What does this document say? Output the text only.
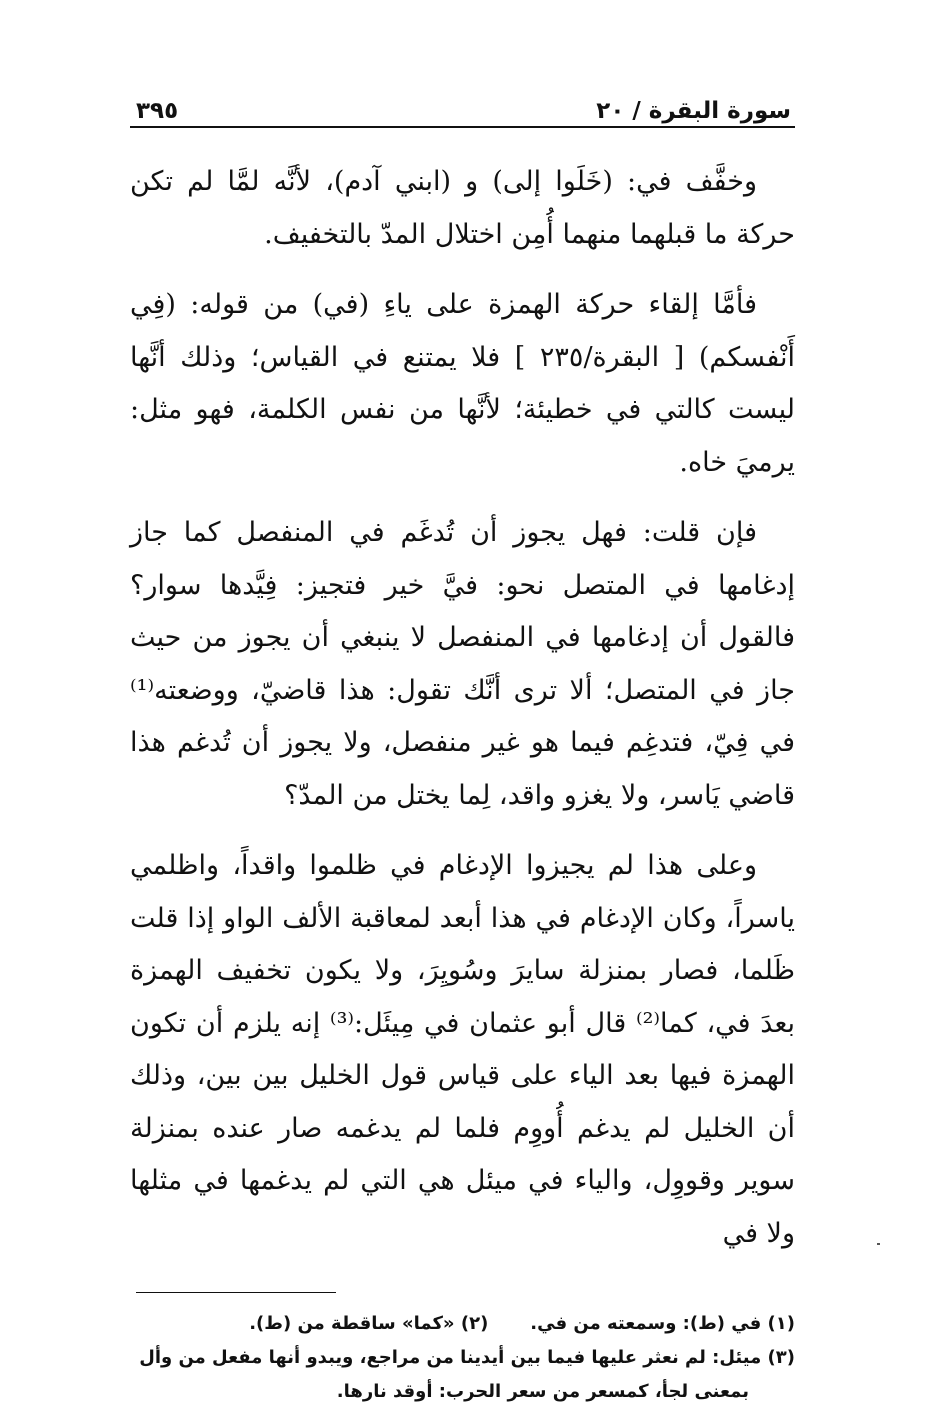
سورة البقرة / ٢٠
٣٩٥

وخفَّف في: (خَلَوا إلى) و (ابني آدم)، لأنَّه لمَّا لم تكن حركة ما قبلهما منهما أُمِن اختلال المدّ بالتخفيف.

فأمَّا إلقاء حركة الهمزة على ياءِ (في) من قوله: (فِي أَنْفسكم) [ البقرة/٢٣٥ ] فلا يمتنع في القياس؛ وذلك أنَّها ليست كالتي في خطيئة؛ لأنَّها من نفس الكلمة، فهو مثل: يرميَ خاه.

فإن قلت: فهل يجوز أن تُدغَم في المنفصل كما جاز إدغامها في المتصل نحو: فيَّ خير فتجيز: فِيَّدها سوار؟ فالقول أن إدغامها في المنفصل لا ينبغي أن يجوز من حيث جاز في المتصل؛ ألا ترى أنَّك تقول: هذا قاضيّ، ووضعته⁽¹⁾ في فِيّ، فتدغِم فيما هو غير منفصل، ولا يجوز أن تُدغم هذا قاضي يَاسر، ولا يغزو واقد، لِما يختل من المدّ؟

وعلى هذا لم يجيزوا الإدغام في ظلموا واقداً، واظلمي ياسراً، وكان الإدغام في هذا أبعد لمعاقبة الألف الواو إذا قلت ظَلما، فصار بمنزلة سايرَ وسُويِرَ، ولا يكون تخفيف الهمزة بعدَ في، كما⁽²⁾ قال أبو عثمان في مِيئَل:⁽³⁾ إنه يلزم أن تكون الهمزة فيها بعد الياء على قياس قول الخليل بين بين، وذلك أن الخليل لم يدغم أُووِم فلما لم يدغمه صار عنده بمنزلة سوير وقووِل، والياء في ميئل هي التي لم يدغمها في مثلها ولا في

(١) في (ط): وسمعته من في.
(٢) «كما» ساقطة من (ط).
(٣) ميئل: لم نعثر عليها فيما بين أيدينا من مراجع، ويبدو أنها مفعل من وأل
بمعنى لجأ، كمسعر من سعر الحرب: أوقد نارها.
